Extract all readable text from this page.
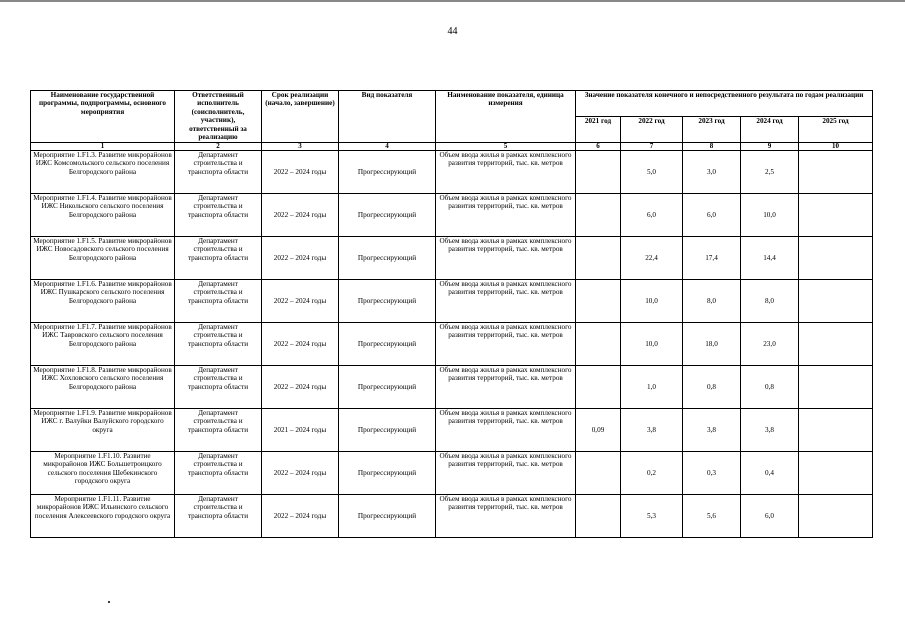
44
Наименование государственной программы, подпрограммы, основного мероприятия	Ответственный исполнитель (соисполнитель, участник), ответственный за реализацию	Срок реализации (начало, завершение)	Вид показателя	Наименование показателя, единица измерения	Значение показателя конечного и непосредственного результата по годам реализации				
					2021 год	2022 год	2023 год	2024 год	2025 год
1	2	3	4	5	6	7	8	9	10
Мероприятие 1.F1.3. Развитие микрорайонов ИЖС Комсомольского сельского поселения Белгородского района	Департамент строительства и транспорта области	2022 – 2024 годы	Прогрессирующий	Объем ввода жилья в рамках комплексного развития территорий, тыс. кв. метров		5,0	3,0	2,5	
Мероприятие 1.F1.4. Развитие микрорайонов ИЖС Никольского сельского поселения Белгородского района	Департамент строительства и транспорта области	2022 – 2024 годы	Прогрессирующий	Объем ввода жилья в рамках комплексного развития территорий, тыс. кв. метров		6,0	6,0	10,0	
Мероприятие 1.F1.5. Развитие микрорайонов ИЖС Новосадовского сельского поселения Белгородского района	Департамент строительства и транспорта области	2022 – 2024 годы	Прогрессирующий	Объем ввода жилья в рамках комплексного развития территорий, тыс. кв. метров		22,4	17,4	14,4	
Мероприятие 1.F1.6. Развитие микрорайонов ИЖС Пушкарского сельского поселения Белгородского района	Департамент строительства и транспорта области	2022 – 2024 годы	Прогрессирующий	Объем ввода жилья в рамках комплексного развития территорий, тыс. кв. метров		10,0	8,0	8,0	
Мероприятие 1.F1.7. Развитие микрорайонов ИЖС Тавровского сельского поселения Белгородского района	Департамент строительства и транспорта области	2022 – 2024 годы	Прогрессирующий	Объем ввода жилья в рамках комплексного развития территорий, тыс. кв. метров		10,0	18,0	23,0	
Мероприятие 1.F1.8. Развитие микрорайонов ИЖС Хохловского сельского поселения Белгородского района	Департамент строительства и транспорта области	2022 – 2024 годы	Прогрессирующий	Объем ввода жилья в рамках комплексного развития территорий, тыс. кв. метров		1,0	0,8	0,8	
Мероприятие 1.F1.9. Развитие микрорайонов ИЖС г. Валуйки Валуйского городского округа	Департамент строительства и транспорта области	2021 – 2024 годы	Прогрессирующий	Объем ввода жилья в рамках комплексного развития территорий, тыс. кв. метров	0,09	3,8	3,8	3,8	
Мероприятие 1.F1.10. Развитие микрорайонов ИЖС Большетроицкого сельского поселения Шебекинского городского округа	Департамент строительства и транспорта области	2022 – 2024 годы	Прогрессирующий	Объем ввода жилья в рамках комплексного развития территорий, тыс. кв. метров		0,2	0,3	0,4	
Мероприятие 1.F1.11. Развитие микрорайонов ИЖС Ильинского сельского поселения Алексеевского городского округа	Департамент строительства и транспорта области	2022 – 2024 годы	Прогрессирующий	Объем ввода жилья в рамках комплексного развития территорий, тыс. кв. метров		5,3	5,6	6,0	
